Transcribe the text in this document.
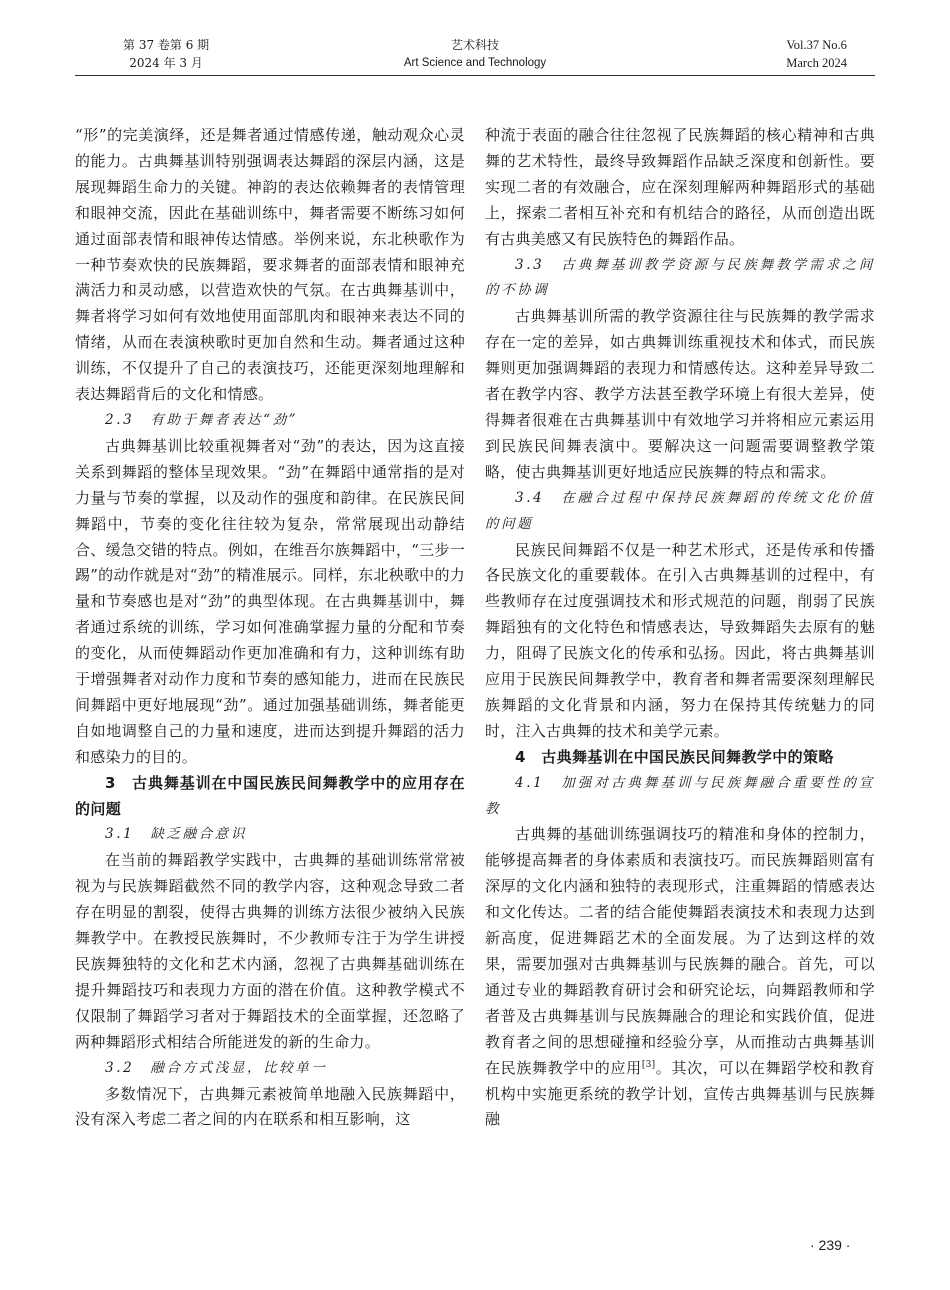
第 37 卷第 6 期
2024 年 3 月
艺术科技
Art Science and Technology
Vol.37 No.6
March 2024

“形”的完美演绎，还是舞者通过情感传递，触动观众心灵的能力。古典舞基训特别强调表达舞蹈的深层内涵，这是展现舞蹈生命力的关键。神韵的表达依赖舞者的表情管理和眼神交流，因此在基础训练中，舞者需要不断练习如何通过面部表情和眼神传达情感。举例来说，东北秧歌作为一种节奏欢快的民族舞蹈，要求舞者的面部表情和眼神充满活力和灵动感，以营造欢快的气氛。在古典舞基训中，舞者将学习如何有效地使用面部肌肉和眼神来表达不同的情绪，从而在表演秧歌时更加自然和生动。舞者通过这种训练，不仅提升了自己的表演技巧，还能更深刻地理解和表达舞蹈背后的文化和情感。

2.3　有助于舞者表达“劲”

古典舞基训比较重视舞者对“劲”的表达，因为这直接关系到舞蹈的整体呈现效果。“劲”在舞蹈中通常指的是对力量与节奏的掌握，以及动作的强度和韵律。在民族民间舞蹈中，节奏的变化往往较为复杂，常常展现出动静结合、缓急交错的特点。例如，在维吾尔族舞蹈中，“三步一踢”的动作就是对“劲”的精准展示。同样，东北秧歌中的力量和节奏感也是对“劲”的典型体现。在古典舞基训中，舞者通过系统的训练，学习如何准确掌握力量的分配和节奏的变化，从而使舞蹈动作更加准确和有力，这种训练有助于增强舞者对动作力度和节奏的感知能力，进而在民族民间舞蹈中更好地展现“劲”。通过加强基础训练，舞者能更自如地调整自己的力量和速度，进而达到提升舞蹈的活力和感染力的目的。

3　古典舞基训在中国民族民间舞教学中的应用存在的问题

3.1　缺乏融合意识

在当前的舞蹈教学实践中，古典舞的基础训练常常被视为与民族舞蹈截然不同的教学内容，这种观念导致二者存在明显的割裂，使得古典舞的训练方法很少被纳入民族舞教学中。在教授民族舞时，不少教师专注于为学生讲授民族舞独特的文化和艺术内涵，忽视了古典舞基础训练在提升舞蹈技巧和表现力方面的潜在价值。这种教学模式不仅限制了舞蹈学习者对于舞蹈技术的全面掌握，还忽略了两种舞蹈形式相结合所能迸发的新的生命力。

3.2　融合方式浅显，比较单一

多数情况下，古典舞元素被简单地融入民族舞蹈中，没有深入考虑二者之间的内在联系和相互影响，这

种流于表面的融合往往忽视了民族舞蹈的核心精神和古典舞的艺术特性，最终导致舞蹈作品缺乏深度和创新性。要实现二者的有效融合，应在深刻理解两种舞蹈形式的基础上，探索二者相互补充和有机结合的路径，从而创造出既有古典美感又有民族特色的舞蹈作品。

3.3　古典舞基训教学资源与民族舞教学需求之间的不协调

古典舞基训所需的教学资源往往与民族舞的教学需求存在一定的差异，如古典舞训练重视技术和体式，而民族舞则更加强调舞蹈的表现力和情感传达。这种差异导致二者在教学内容、教学方法甚至教学环境上有很大差异，使得舞者很难在古典舞基训中有效地学习并将相应元素运用到民族民间舞表演中。要解决这一问题需要调整教学策略，使古典舞基训更好地适应民族舞的特点和需求。

3.4　在融合过程中保持民族舞蹈的传统文化价值的问题

民族民间舞蹈不仅是一种艺术形式，还是传承和传播各民族文化的重要载体。在引入古典舞基训的过程中，有些教师存在过度强调技术和形式规范的问题，削弱了民族舞蹈独有的文化特色和情感表达，导致舞蹈失去原有的魅力，阻碍了民族文化的传承和弘扬。因此，将古典舞基训应用于民族民间舞教学中，教育者和舞者需要深刻理解民族舞蹈的文化背景和内涵，努力在保持其传统魅力的同时，注入古典舞的技术和美学元素。

4　古典舞基训在中国民族民间舞教学中的策略

4.1　加强对古典舞基训与民族舞融合重要性的宣教

古典舞的基础训练强调技巧的精准和身体的控制力，能够提高舞者的身体素质和表演技巧。而民族舞蹈则富有深厚的文化内涵和独特的表现形式，注重舞蹈的情感表达和文化传达。二者的结合能使舞蹈表演技术和表现力达到新高度，促进舞蹈艺术的全面发展。为了达到这样的效果，需要加强对古典舞基训与民族舞的融合。首先，可以通过专业的舞蹈教育研讨会和研究论坛，向舞蹈教师和学者普及古典舞基训与民族舞融合的理论和实践价值，促进教育者之间的思想碰撞和经验分享，从而推动古典舞基训在民族舞教学中的应用[3]。其次，可以在舞蹈学校和教育机构中实施更系统的教学计划，宣传古典舞基训与民族舞融

· 239 ·
